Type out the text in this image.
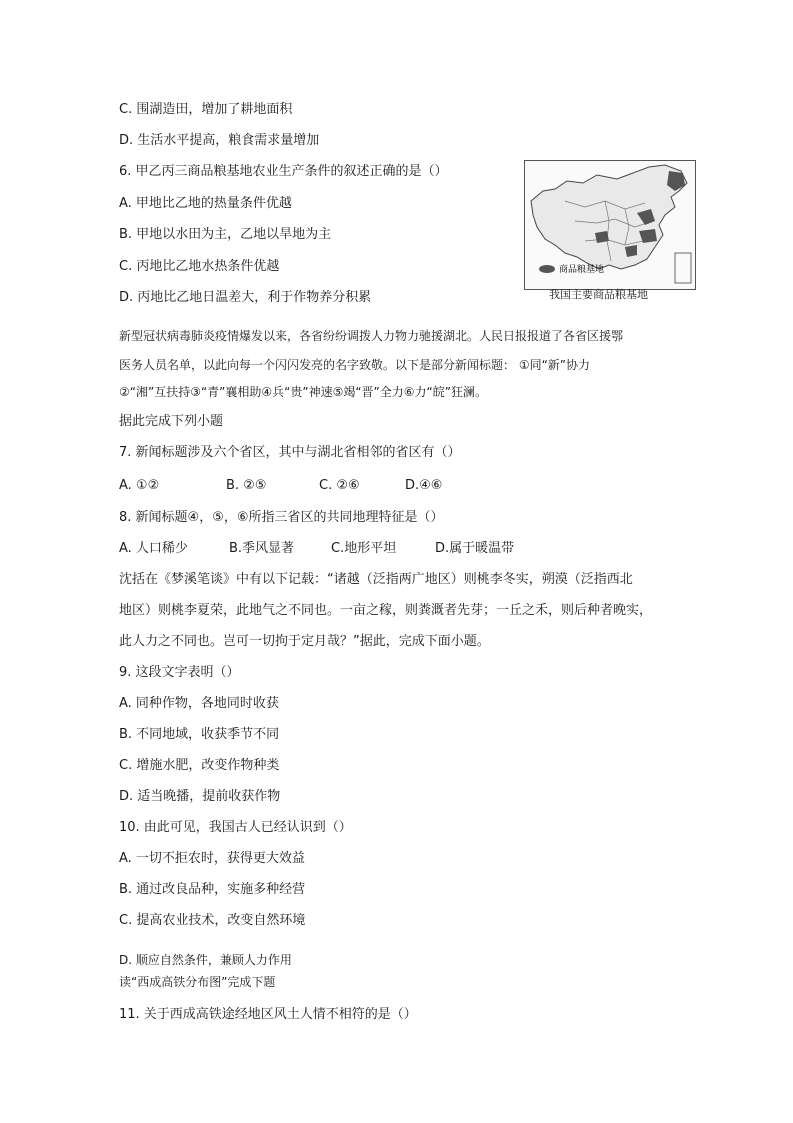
C. 围湖造田，增加了耕地面积
D. 生活水平提高，粮食需求量增加
6. 甲乙丙三商品粮基地农业生产条件的叙述正确的是（）
A. 甲地比乙地的热量条件优越
B. 甲地以水田为主，乙地以旱地为主
C. 丙地比乙地水热条件优越
D. 丙地比乙地日温差大，利于作物养分积累
商品粮基地
我国主要商品粮基地
新型冠状病毒肺炎疫情爆发以来，各省纷纷调拨人力物力驰援湖北。人民日报报道了各省区援鄂
医务人员名单，以此向每一个闪闪发亮的名字致敬。以下是部分新闻标题： ①同“新”协力
②“湘”互扶持③“青”襄相助④兵“贵”神速⑤竭“晋”全力⑥力“皖”狂澜。
据此完成下列小题
7. 新闻标题涉及六个省区，其中与湖北省相邻的省区有（）
A. ①②	B. ②⑤	C. ②⑥	D.④⑥
8. 新闻标题④，⑤，⑥所指三省区的共同地理特征是（）
A. 人口稀少	B.季风显著	C.地形平坦	D.属于暖温带
沈括在《梦溪笔谈》中有以下记载：“诸越（泛指两广地区）则桃李冬实，朔漠（泛指西北
地区）则桃李夏荣，此地气之不同也。一亩之稼，则粪溉者先芽；一丘之禾，则后种者晚实，
此人力之不同也。岂可一切拘于定月哉？”据此，完成下面小题。
9. 这段文字表明（）
A. 同种作物，各地同时收获
B. 不同地域，收获季节不同
C. 增施水肥，改变作物种类
D. 适当晚播，提前收获作物
10. 由此可见，我国古人已经认识到（）
A. 一切不拒农时，获得更大效益
B. 通过改良品种，实施多种经营
C. 提高农业技术，改变自然环境
D. 顺应自然条件，兼顾人力作用
读“西成高铁分布图”完成下题
11. 关于西成高铁途经地区风土人情不相符的是（）
